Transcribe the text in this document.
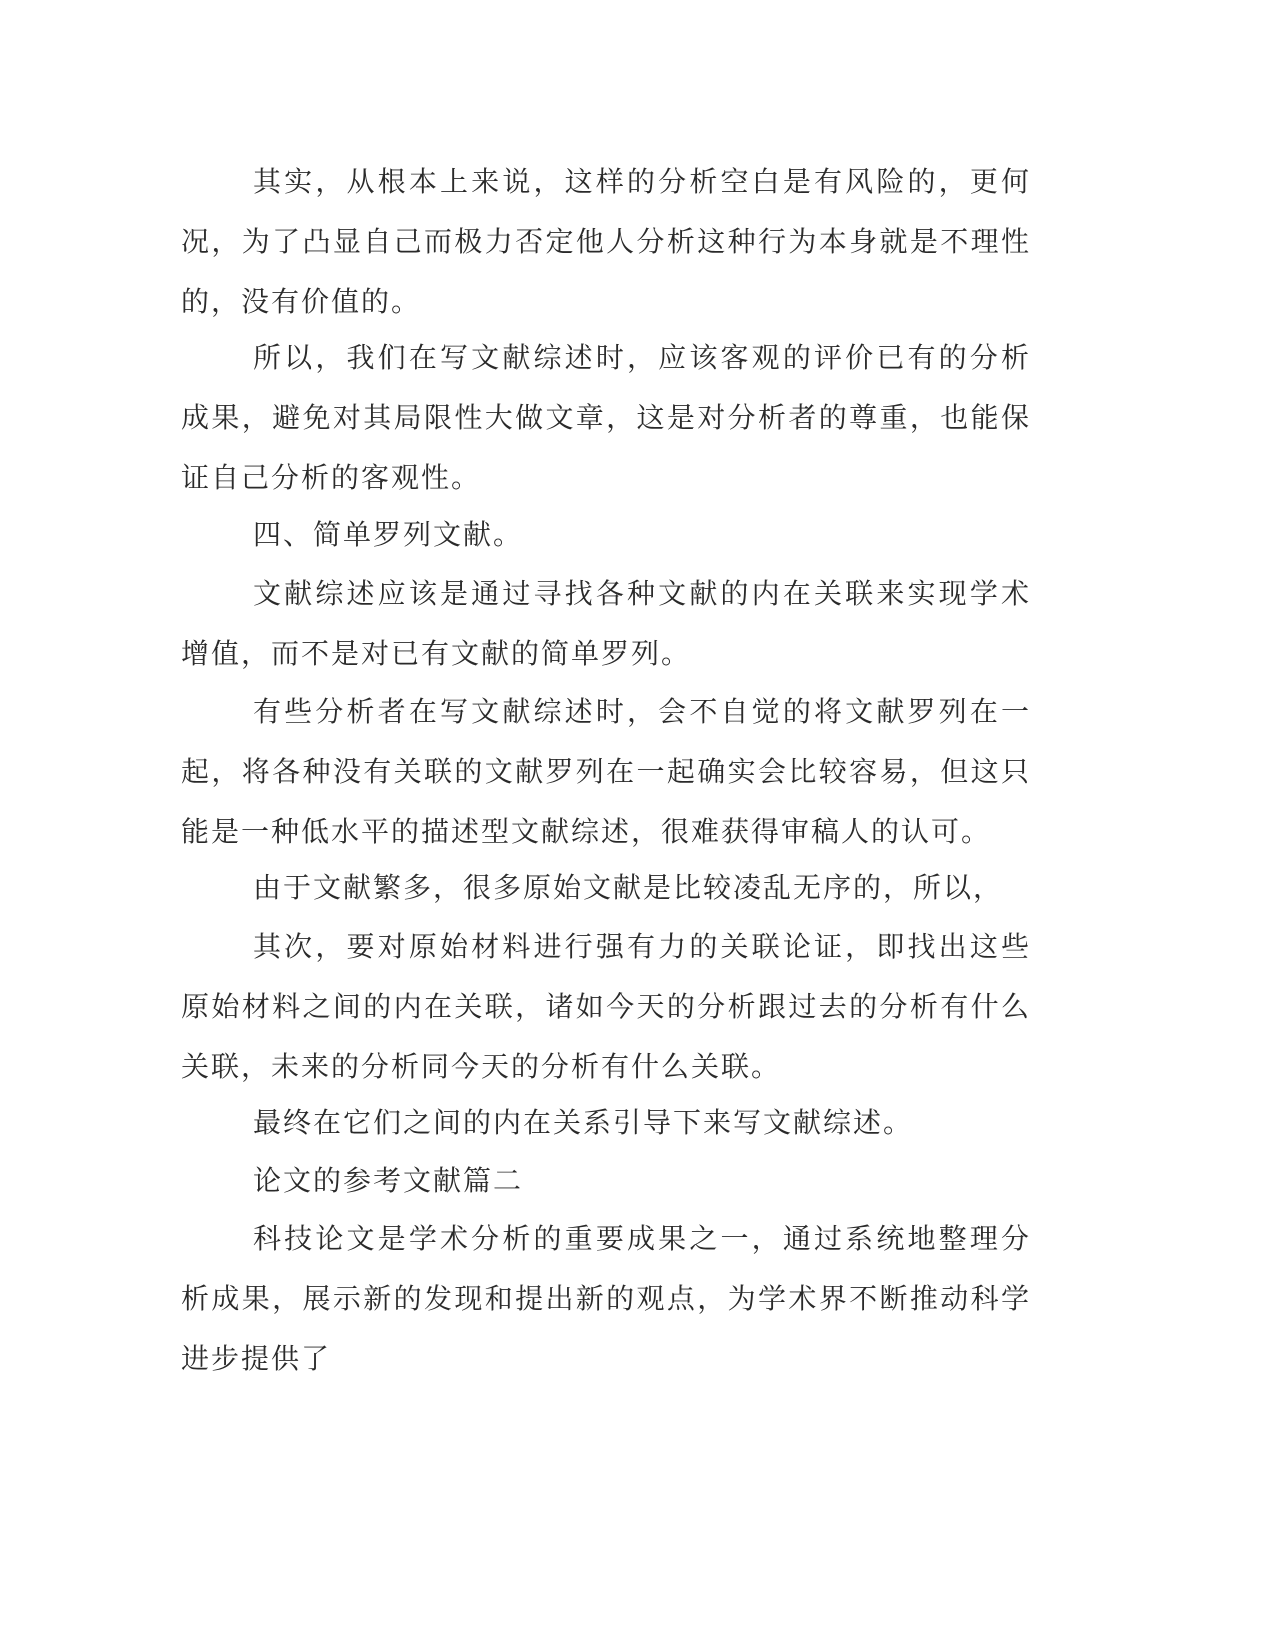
其实，从根本上来说，这样的分析空白是有风险的，更何况，为了凸显自己而极力否定他人分析这种行为本身就是不理性的，没有价值的。

所以，我们在写文献综述时，应该客观的评价已有的分析成果，避免对其局限性大做文章，这是对分析者的尊重，也能保证自己分析的客观性。

四、简单罗列文献。

文献综述应该是通过寻找各种文献的内在关联来实现学术增值，而不是对已有文献的简单罗列。

有些分析者在写文献综述时，会不自觉的将文献罗列在一起，将各种没有关联的文献罗列在一起确实会比较容易，但这只能是一种低水平的描述型文献综述，很难获得审稿人的认可。

由于文献繁多，很多原始文献是比较凌乱无序的，所以，

其次，要对原始材料进行强有力的关联论证，即找出这些原始材料之间的内在关联，诸如今天的分析跟过去的分析有什么关联，未来的分析同今天的分析有什么关联。

最终在它们之间的内在关系引导下来写文献综述。

论文的参考文献篇二

科技论文是学术分析的重要成果之一，通过系统地整理分析成果，展示新的发现和提出新的观点，为学术界不断推动科学进步提供了
